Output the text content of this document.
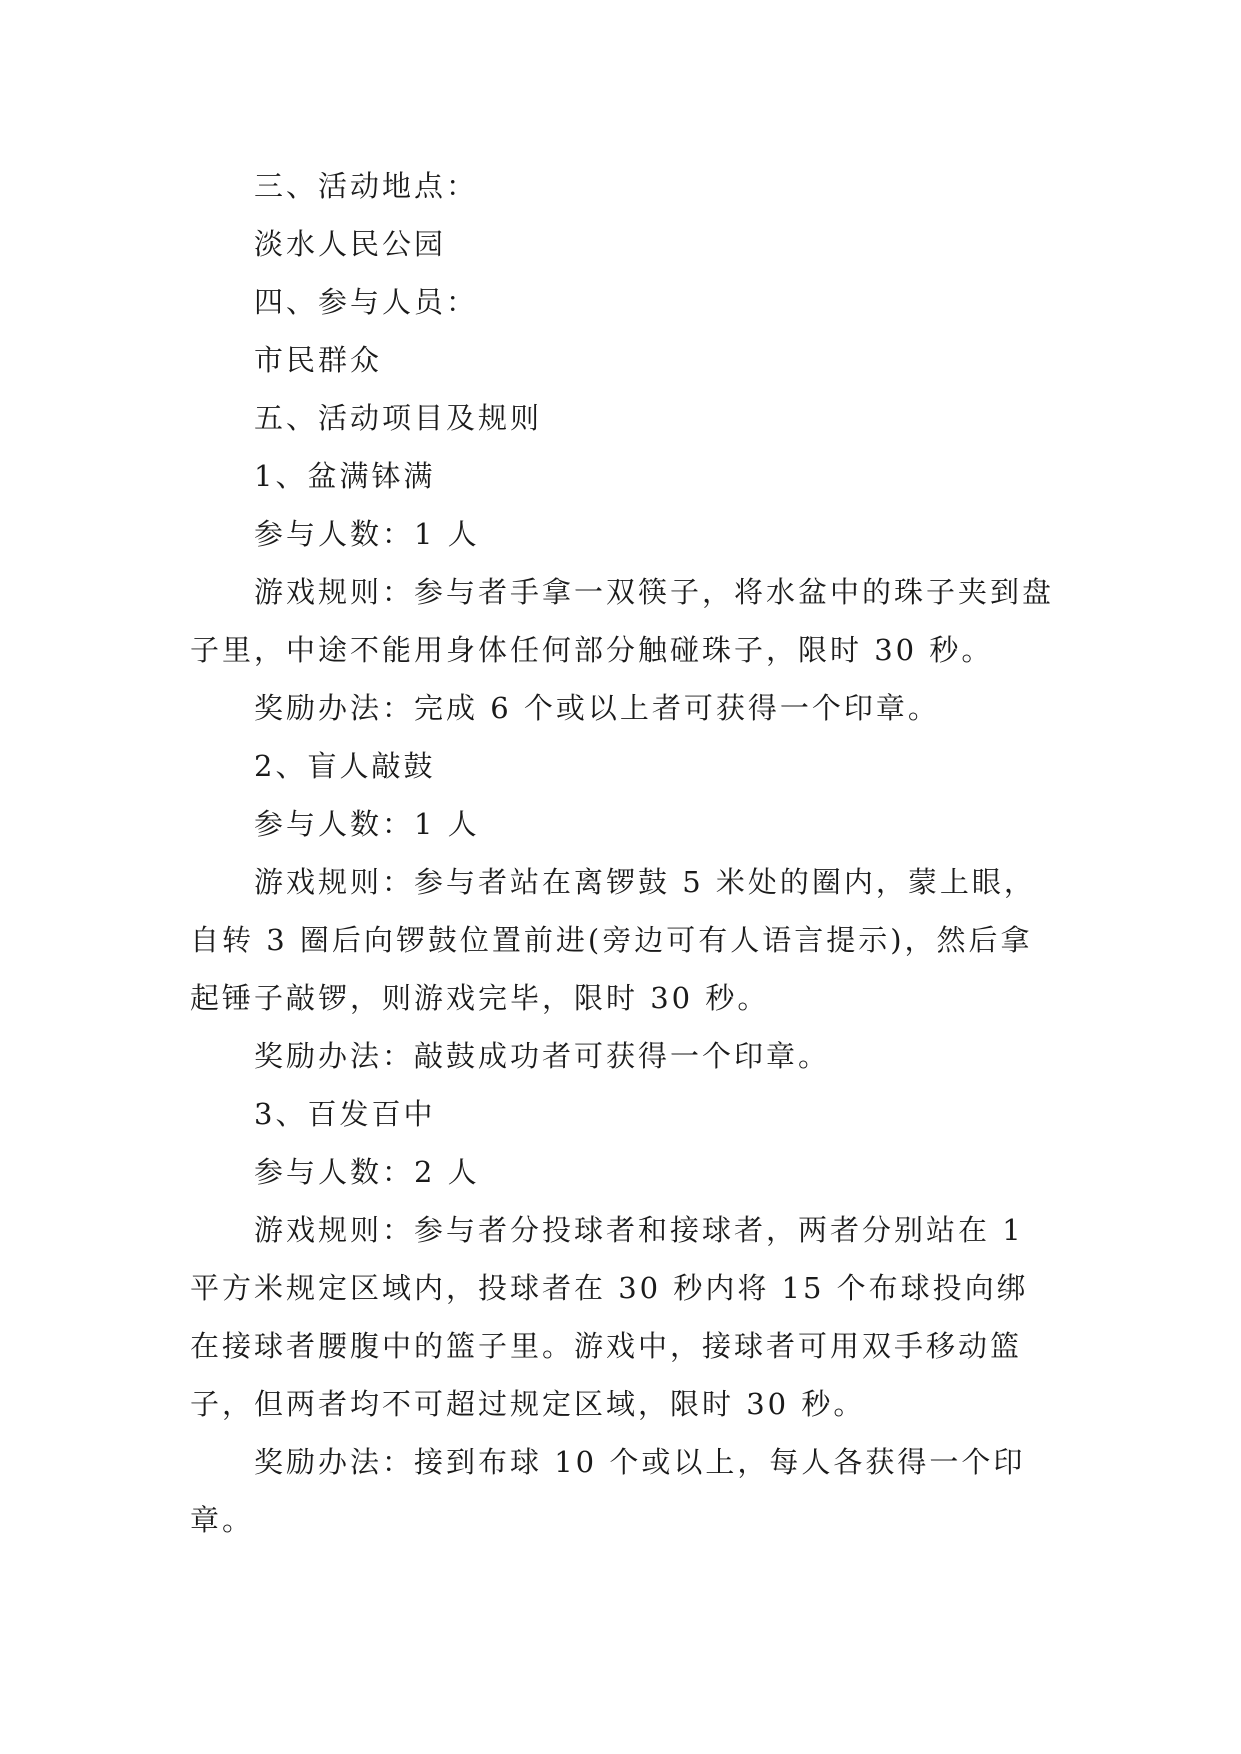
三、活动地点：

淡水人民公园

四、参与人员：

市民群众

五、活动项目及规则

1、盆满钵满

参与人数：1 人

游戏规则：参与者手拿一双筷子，将水盆中的珠子夹到盘子里，中途不能用身体任何部分触碰珠子，限时 30 秒。

奖励办法：完成 6 个或以上者可获得一个印章。

2、盲人敲鼓

参与人数：1 人

游戏规则：参与者站在离锣鼓 5 米处的圈内，蒙上眼，自转 3 圈后向锣鼓位置前进(旁边可有人语言提示)，然后拿起锤子敲锣，则游戏完毕，限时 30 秒。

奖励办法：敲鼓成功者可获得一个印章。

3、百发百中

参与人数：2 人

游戏规则：参与者分投球者和接球者，两者分别站在 1 平方米规定区域内，投球者在 30 秒内将 15 个布球投向绑在接球者腰腹中的篮子里。游戏中，接球者可用双手移动篮子，但两者均不可超过规定区域，限时 30 秒。

奖励办法：接到布球 10 个或以上，每人各获得一个印章。
